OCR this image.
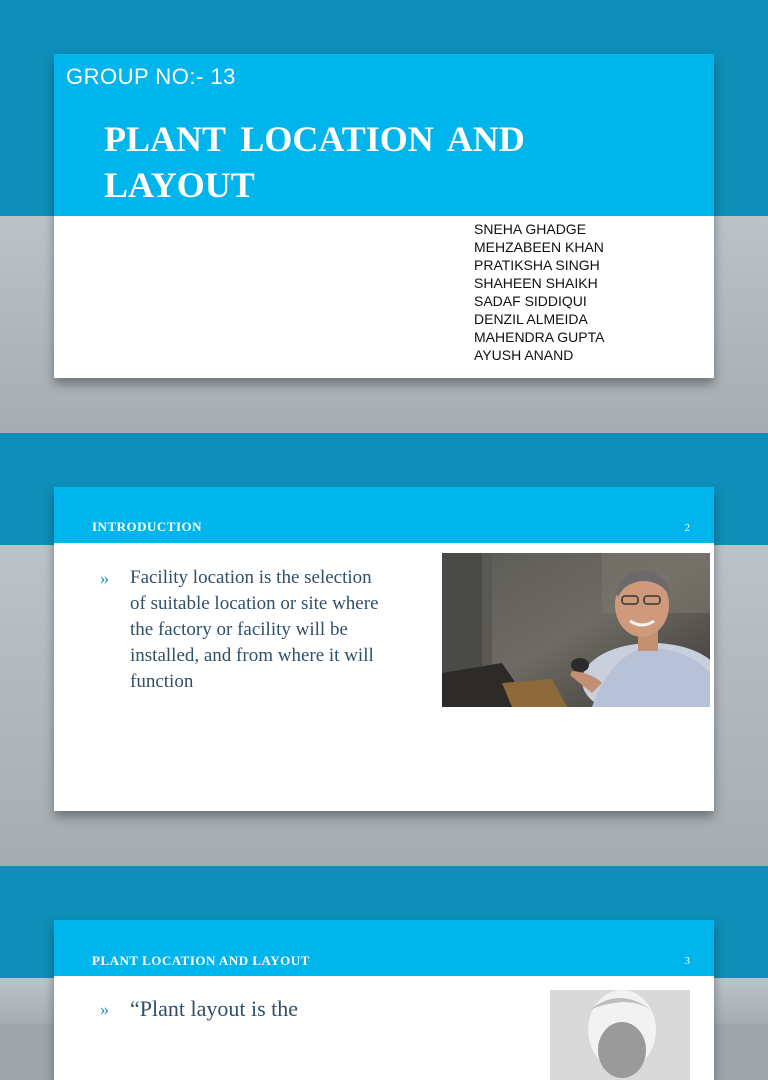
GROUP NO:- 13
PLANT LOCATION AND
LAYOUT
SNEHA GHADGE
MEHZABEEN KHAN
PRATIKSHA SINGH
SHAHEEN SHAIKH
SADAF SIDDIQUI
DENZIL ALMEIDA
MAHENDRA GUPTA
AYUSH ANAND
INTRODUCTION	2
»	Facility location is the selection of suitable location or site where the factory or facility will be installed, and from where it will function
PLANT LOCATION AND LAYOUT	3
» “Plant layout is the
